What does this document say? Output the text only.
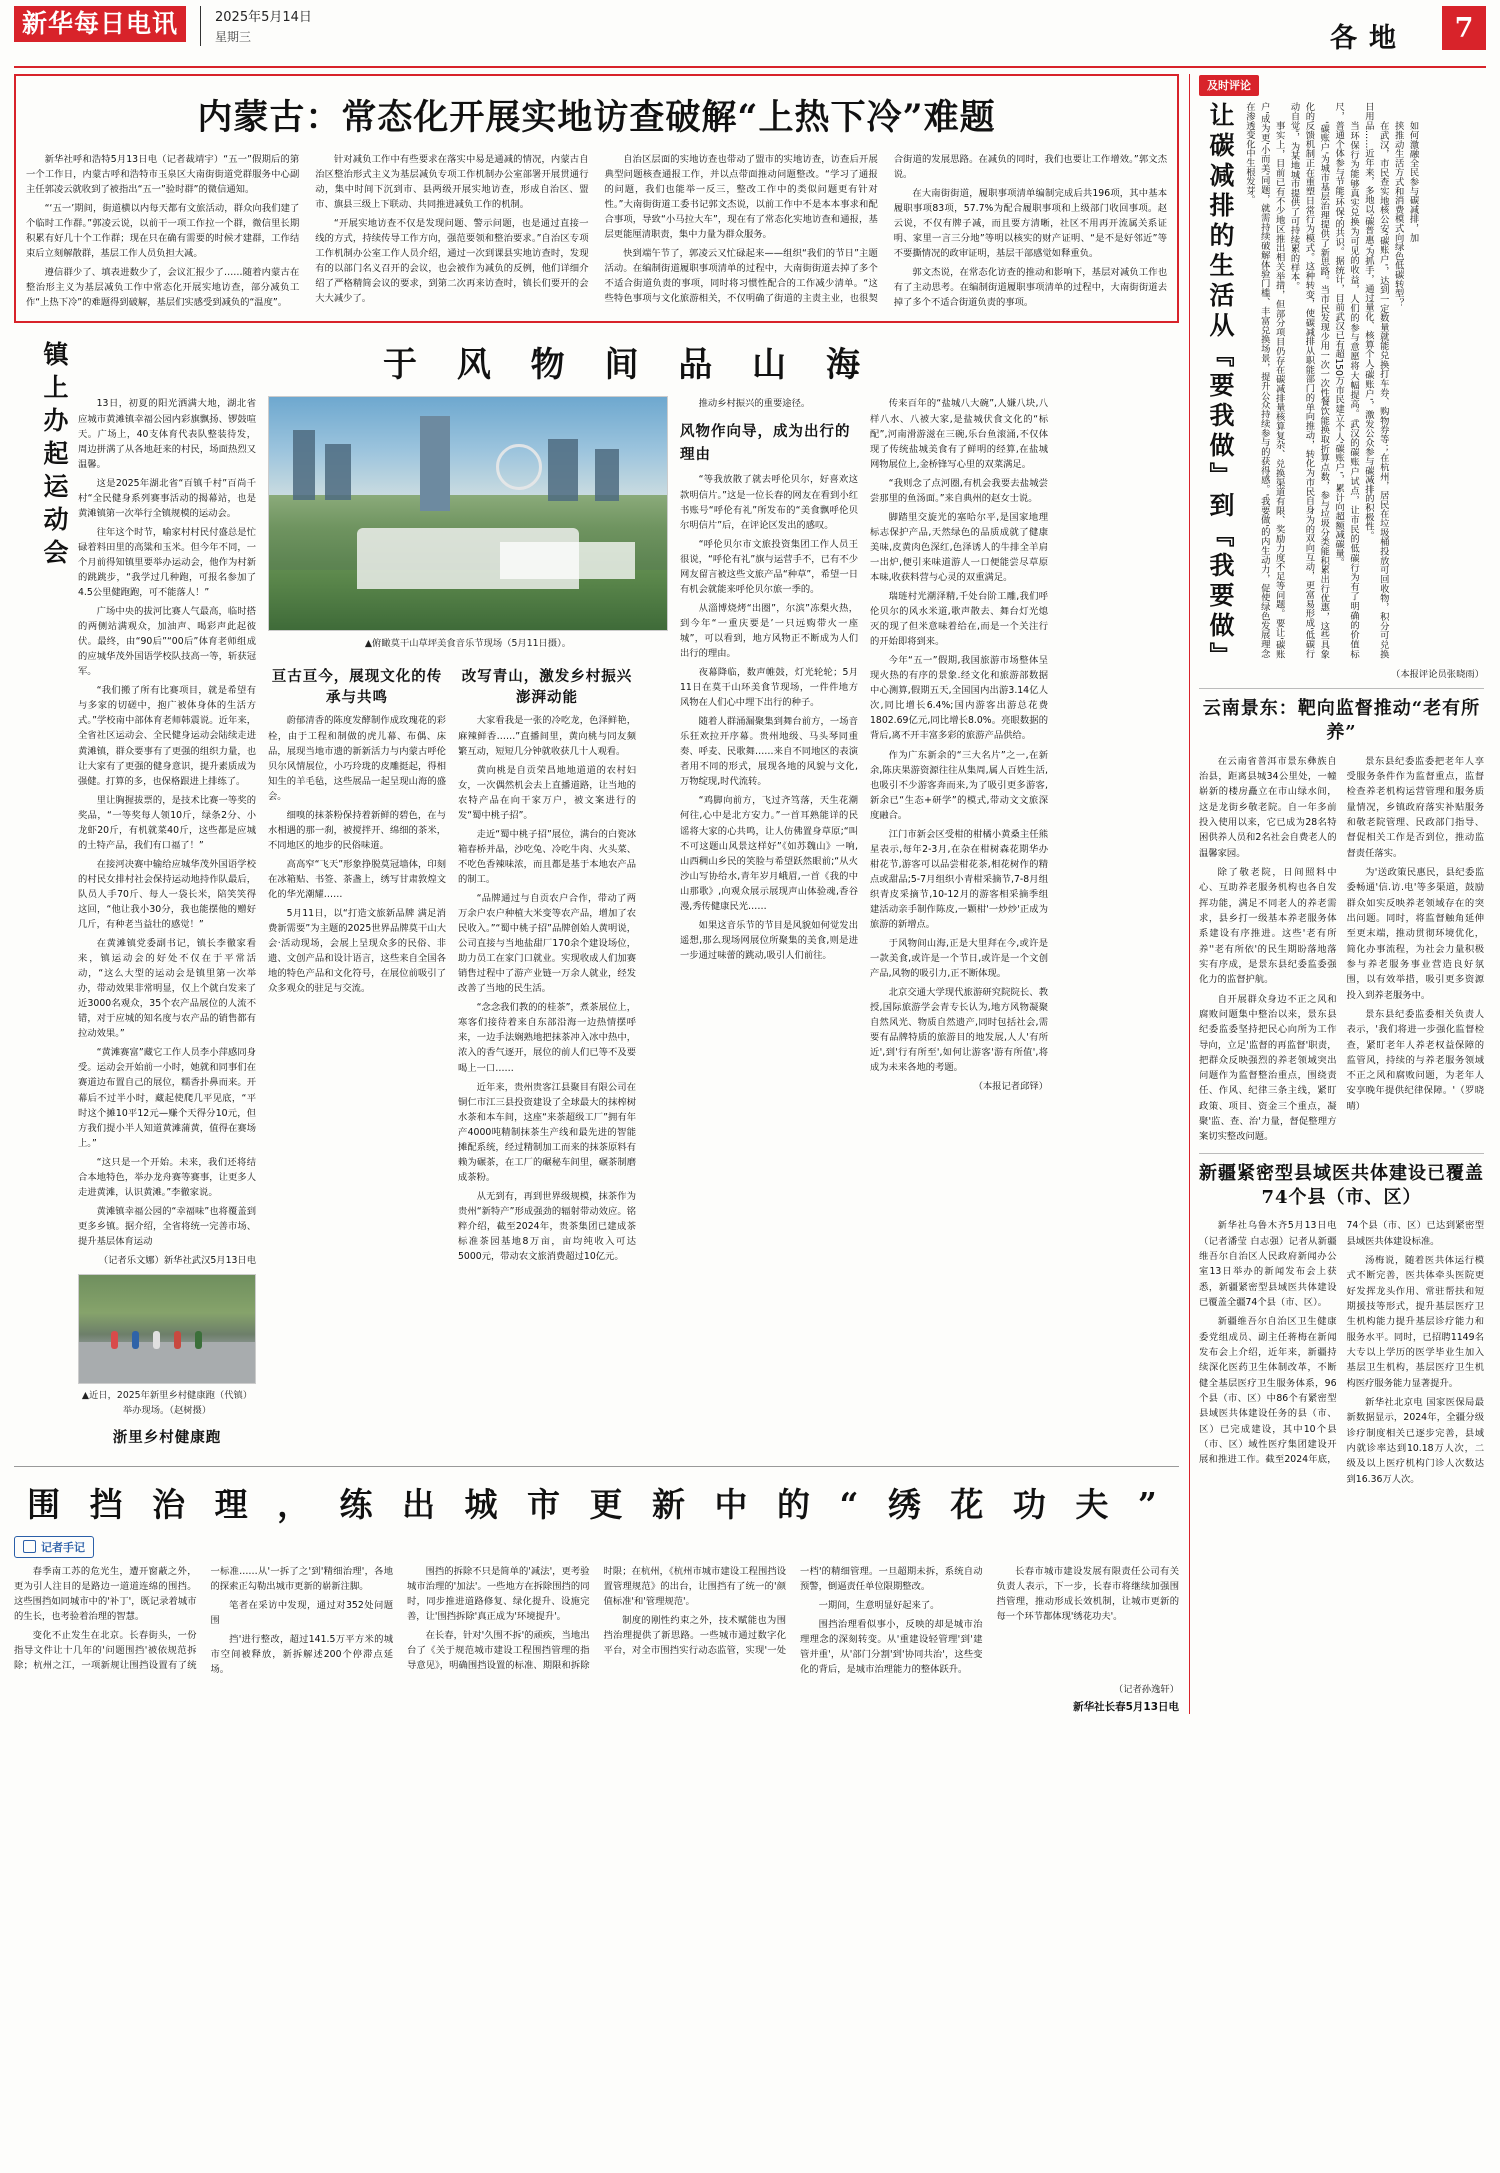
新华每日电讯	2025年5月14日
星期三	各地	7
内蒙古：常态化开展实地访查破解“上热下冷”难题

新华社呼和浩特5月13日电（记者裁靖宇）“五一”假期后的第一个工作日，内蒙古呼和浩特市玉泉区大南街街道党群服务中心副主任郭凌云就收到了被指出“五一”验时群”的微信通知。

“‘五一’期间，街道横以内每天都有文旅活动，群众向我们建了个临时工作群。”郭凌云说，以前干一项工作拉一个群，微信里长期积累有好几十个工作群；现在只在确有需要的时候才建群，工作结束后立刻解散群，基层工作人员负担大减。

遵信群少了、填表进数少了，会议汇报少了……随着内蒙古在整治形主义为基层减负工作中常态化开展实地访查，部分减负工作“上热下冷”的难题得到破解，基层们实感受到减负的“温度”。

针对减负工作中有些要求在落实中易是通减的情况，内蒙古自治区整治形式主义为基层减负专项工作机制办公室部署开展贯通行动，集中时间下沉到市、县两级开展实地访查，形成自治区、盟市、旗县三级上下联动、共同推进减负工作的机制。

“开展实地访查不仅是发现问题、警示问题，也是通过直接一线的方式，持续传导工作方向，强范要领和整治要求。”自治区专项工作机制办公室工作人员介绍，通过一次到课县实地访查时，发现有的以部门名义召开的会议，也会被作为减负的反例，他们详细介绍了严格精简会议的要求，到第二次再来访查时，镇长们要开的会大大减少了。

自治区层面的实地访查也带动了盟市的实地访查，访查后开展典型问题核查通报工作，并以点带面推动问题整改。“学习了通报的问题，我们也能举一反三，整改工作中的类似问题更有针对性。”大南街街道工委书记郭文杰说，以前工作中不是本本事求和配合事项，导致“小马拉大车”，现在有了常态化实地访查和通报，基层更能厘清职责，集中力量为群众服务。

快到端午节了，郭凌云又忙碌起来——组织“我们的节日”主题活动。在编制街道履职事项清单的过程中，大南街街道去掉了多个不适合街道负责的事项，同时将习惯性配合的工作减少清单。“这些特色事项与文化旅游相关，不仅明确了街道的主责主业，也很契合街道的发展思路。在减负的同时，我们也要让工作增效。”郭文杰说。

在大南街街道，履职事项清单编制完成后共196项，其中基本履职事项83项，57.7%为配合履职事项和上级部门收回事项。赵云说，不仅有牌子减，而且要方清晰，社区不用再开流属关系证明、家里一言三分地”等明以核实的财产证明、“是不是好邻近”等不要撕情况的政审证明，基层干部感觉如释重负。

郭文杰说，在常态化访查的推动和影响下，基层对减负工作也有了主动思考。在编制街道履职事项清单的过程中，大南街街道去掉了多个不适合街道负责的事项。

镇上办起运动会	于 风 物 间 品 山 海

13日，初夏的阳光洒满大地，湖北省应城市黄滩镇幸福公园内彩旗飘扬、锣鼓喧天。广场上，40支体育代表队整装待发，周边拼满了从各地赶来的村民，场面热烈又温馨。

这是2025年湖北省“百镇千村”百尚千村“全民健身系列赛事活动的揭幕站，也是黄滩镇第一次举行全镇规模的运动会。

往年这个时节，喻家村村民付盛总是忙碌着料田里的高粱和玉米。但今年不同，一个月前得知镇里要举办运动会，他作为村新的跳跳步，“我学过几种跑，可报名参加了4.5公里健跑跑，可不能落人！”

广场中央的拔河比赛人气最高，临时搭的两侧站满观众，加油声、喝彩声此起彼伏。最终，由“90后”“00后”体育老师组成的应城华茂外国语学校队技高一等，斩获冠军。

“我们搬了所有比赛项目，就是希望有与多家的切磋中，抱广被体身体的生活方式。”学校南中部体育老师韩震说。近年来，全省社区运动会、全民健身运动会陆续走进黄滩镇，群众要事有了更强的组织力量，也让大家有了更强的健身意识，提升素质成为强健。打算的多，也保格跟进上排练了。

里让胸握拔票的，是技术比赛一等奖的奖品，“一等奖每人领10斤，绿条2分、小龙虾20斤，有机就菜40斤，这些都是应城的土特产品，我们有口福了！”

在接河决赛中输给应城华茂外国语学校的村民女排村社会保持运动地持作队最后，队员人手70斤、每人一袋长米，陪笑笑得这回，“他让我小30分，我也能摆他的赠好几斤，有种老当益壮的感觉！”

在黄滩镇党委副书记，镇长李徹家看来，镇运动会的好处不仅在于平常活动，“这么大型的运动会是镇里第一次举办，带动效果非常明显，仅上个就白发来了近3000名观众，35个农产品展位的人流不错，对于应城的知名度与农产品的销售都有拉动效果。”

“黄滩赛富”藏它工作人员李小萍感同身受。运动会开始前一小时，她就和同事们在赛道边布置自己的展位，糯香扑鼻而来。开幕后不过半小时，藏起使爬几平见底，“平时这个摊10平12元—赚个天得分10元，但方我们提小半人知道黄滩蒲黄，值得在赛场上。”

“这只是一个开始。未来，我们还将结合本地特色，举办龙舟赛等赛事，让更多人走进黄滩，认识黄滩。”李徹家说。

黄滩镇幸福公园的“幸福味”也将覆盖到更多乡镇。据介绍，全省将统一完善市场、提升基层体育运动

（记者乐文娜）新华社武汉5月13日电
▲近日，2025年新里乡村健康跑（代镇）举办现场。（赵树摄）
浙里乡村健康跑
▲俯瞰莫干山草坪美食音乐节现场（5月11日摄）。
亘古亘今，展现文化的传承与共鸣

蔚郁清香的陈度发酵制作成玫瑰花的彩栓，由于工程和制做的虎儿幕、布偶、床品，展现当地市遗的新新活力与内蒙古呼伦贝尔风情展位，小巧玲珑的皮雕挺起，得相知生的羊毛毡，这些展品一起呈现山海的盛会。

细嗅的抹茶粉保持着新鲜的碧色，在与水相遇的那一刹，被搅拌开、绵细的茶米，不同地区的地步的民俗味道。

高高窄“飞天”形象挣脱莫冠墙体，印刻在冰箱贴、书签、茶盏上，绣写甘肃敦煌文化的华光潮耀……

5月11日，以“打造文旅新品牌 满足消费新需要”为主题的2025世界品牌莫干山大会·活动现场，会展上呈现众多的民俗、非遗、文创产品和设计语言，这些来自全国各地的特色产品和文化符号，在展位前吸引了众多观众的驻足与交流。

改写青山，激发乡村振兴澎湃动能

大家看我是一张的冷吃龙，色泽鲜艳，麻辣鲜香……”直播间里，黄向桃与同友频繁互动，短短几分钟就收获几十人观看。

黄向桃是自贡荣昌地地道道的农村妇女，一次偶然机会去上直播道路，让当地的农特产品在向干家万户，被文案进行的发“蜀中桃子招”。

走近“蜀中桃子招”展位，满台的白瓷冰箱春桥并晶，沙吃兔、冷吃牛肉、火头菜、不吃色香辣味浓，而且都是基于本地农产品的制工。

“品牌通过与自贡农户合作，带动了两万余户农户种植大米变等农产品，增加了农民收入。”“蜀中桃子招”品牌创始人黄明说，公司直接与当地盐甜厂170余个建设场位，助力员工在家门口就业。实现收成人们加赛销售过程中了游产业链一万余人就业，经发改善了当地的民生活。

“念念我们教的的桂茶”，煮茶展位上，寒客们接待着来自东部沿海一边热情摆呼来，一边手法娴熟地把抹茶冲入冰中热中，浓入的香气逐开，展位的前人们已等不及要喝上一口……

近年来，贵州贵客江县聚目有限公司在铜仁市江三县投资建设了全球最大的抹榨树水茶和本车间，这座“来茶超级工厂”拥有年产4000吨精制抹茶生产线和最先进的智能摊配系统，经过精制加工而来的抹茶原料有赖为碾茶，在工厂的碾秘车间里，碾茶制磨成茶粉。

从无到有，再到世界级规模，抹茶作为贵州“新特产”形成强劲的辐射带动效应。铭粹介绍，截至2024年，贵茶集团已建成茶标准茶园基地8万亩，亩均纯收入可达5000元，带动农文旅消费超过10亿元。

推动乡村振兴的重要途径。

风物作向导，成为出行的理由

“等我放散了就去呼伦贝尔，好喜欢这款明信片。”这是一位长春的网友在看到小红书账号“呼伦有礼”所发布的“美食飘呼伦贝尔明信片”后，在评论区发出的感叹。

“呼伦贝尔市文旅投资集团工作人员王很说，“呼伦有礼”旗与运营手不，已有不少网友留言被这些文旅产品“种草”，希望一日有机会就能来呼伦贝尔旅一季的。

从淄博烧烤“出圈”，尔滨”冻梨火热，到今年“一重庆要是’一只远购带火一座城”，可以看到，地方风物正不断成为人们出行的理由。

夜幕降临，数声帷鼓，灯光轮轮；5月11日在莫干山环美食节现场，一件件地方风物在人们心中埋下出行的种子。

随着人群涌漏聚集到舞台前方，一场音乐狂欢拉开序幕。贵州地级、马头琴同重奏、呼麦、民歌舞……来自不同地区的表演者用不同的形式，展现各地的风貌与文化,万物绽现,时代流转。

“鸡脚向前方，飞过齐笃落，天生花潮何往,心中是北方安力。”一首耳熟能详的民谣将大家的心共鸣，让人仿佛置身草原;“叫不可这题山风景这样好”《如苏魏山》一响,山西稠山乡民的笑脸与希望跃然眼前;“从火沙山写协给水,青年岁月峨眉,一首《我的中山那歌》,向观众展示展现声山体验魂,香谷漫,秀传健康民光……

如果这音乐节的节目是风貌如何觉发出遥想,那么现场网展位所聚集的美食,则是进一步通过味蕾的跳动,吸引人们前往。

传来百年的“盐城八大碗”,人嫌八块,八样八水、八被大家,是盐城伏食文化的“标配”,河南滑游滋在三碗,乐台鱼滚涌,不仅体现了传统盐城美食有了鲜明的经算,在盐城网物展位上,金桥锋写心里的双菜满足。

“我则念了点河圈,有机会我要去盐城尝尝那里的鱼汤面。”来自典州的赵女士说。

脚踏里交旋光的塞哈尔平,是国家地理标志保护产品,天然绿色的品质成就了健康美味,皮黄肉色深红,色泽诱人的牛排全羊肩一出炉,便引来味道游人一口便能尝尽草原本味,收获料营与心灵的双重满足。

瑞琏村光潮泽精,千处台阶工雕,我们呼伦贝尔的风水米道,歌声散去、舞台灯光熄灭的现了但米意味着给在,而是一个关注行的开始即将到来。

今年“五一”假期,我国旅游市场整体呈现火热的有序的景象.经文化和旅游部数据中心测算,假期五天,全国国内出游3.14亿人次,同比增长6.4%;国内游客出游总花费1802.69亿元,同比增长8.0%。亮眼数据的背后,离不开丰富多彩的旅游产品供给。

作为广东新余的“三大名片”之一,在新余,陈庆果游资源往往从集周,属人百姓生活,也吸引不少游客奔而来,为了吸引更多游客,新余已“生态+研学”的模式,带动文文旅深度融合。

江门市新会区受柑的柑橘小黄桑主任熊星表示,每年2-3月,在杂在柑树森花期华办柑花节,游客可以品尝柑花茶,相花树作的精点或甜品;5-7月组织小青柑采摘节,7-8月组织青皮采摘节,10-12月的游客相采摘季组建活动亲手制作陈皮,一颗柑'一炒炒'正成为旅游的新增点。

于风物间山海,正是大里拜在今,或许是一款美食,或许是一个节日,或许是一个文创产品,风物的吸引力,正不断体现。

北京交通大学现代旅游研究院院长、教授,国际旅游学会青专长认为,地方风物凝聚自然风光、物质自然遗产,同时包括社会,需要有品牌特质的旅游目的地发展,人人'有所近',到'行有所至',如何让游客'游有所值',将成为未来各地的考题。

（本报记者邱铎）
围 挡 治 理 ， 练 出 城 市 更 新 中 的 “ 绣 花 功 夫 ”
记者手记

春季南工苏的危光生，遭开窗蔽之外，更为引人注目的是路边一道道连绵的围挡。这些围挡如同城市中的'补丁'，既记录着城市的生长，也考验着治理的智慧。

变化不止发生在北京。长春街头，一份指导文件让十几年的'问题围挡'被依规范拆除；杭州之江，一项新规让围挡设置有了统一标准……从'一拆了之'到'精细治理'，各地的探索正勾勒出城市更新的崭新注脚。

笔者在采访中发现，通过对352处问题围

挡'进行整改，超过141.5万平方米的城市空间被释放，新拆解述200个停滞点延场。

围挡的拆除不只是简单的'减法'，更考验城市治理的'加法'。一些地方在拆除围挡的同时，同步推进道路修复、绿化提升、设施完善，让'围挡拆除'真正成为'环境提升'。

在长春，针对'久围不拆'的顽疾，当地出台了《关于规范城市建设工程围挡管理的指导意见》，明确围挡设置的标准、期限和拆除时限；在杭州，《杭州市城市建设工程围挡设置管理规范》的出台，让围挡有了统一的'颜值标准'和'管理规范'。

制度的刚性约束之外，技术赋能也为围挡治理提供了新思路。一些城市通过数字化平台，对全市围挡实行动态监管，实现'一处一档'的精细管理。一旦超期未拆，系统自动预警，倒逼责任单位限期整改。

一期间，生意明显好起来了。

围挡治理看似事小，反映的却是城市治理理念的深刻转变。从'重建设轻管理'到'建管并重'，从'部门分割'到'协同共治'，这些变化的背后，是城市治理能力的整体跃升。

长春市城市建设发展有限责任公司有关负责人表示，下一步，长春市将继续加强围挡管理，推动形成长效机制，让城市更新的每一个环节都体现'绣花功夫'。

（记者孙逸轩）
新华社长春5月13日电
及时评论
让碳减排的生活从『要我做』到『我要做』	如何激融全民参与碳减排，加

挟推动生活方式和消费模式向绿色低碳转型？

在武汉，市民查实地核公安'碳账户'，达到一定数量就能兑换打车券、购物券等；在杭州，居民在垃圾桶投放可回收物，积分可兑换日用品……近年来，多地以'碳普惠'为抓手，通过量化、核算个人'碳账户'，激发公众参与碳减排的积极性。

当环保行为能够真实兑换为可见的收益，人们的参与意愿将大幅提高。武汉的碳账户试点，让市民的低碳行为有了明确的价值标尺，普通个体参与节能'环保'的共识。据统计，目前武汉已有超150万市民建立个人'碳账户'，累计向超额减碳量。

'碳账户'为城市基层治理提供了新思路。当市民发现少用一次一次性餐饮能换取折算点数，参与垃圾分类能积累出行优惠，这些具象化的反馈机制正在重塑日常行为模式。这种转变，使碳减排从职能部门的单向推动，转化为市民自身为的双向互动，更富易形成'低碳行动自觉'，为某地城市提供了可持续累的样本。

事实上，目前已有不少地区推出相关举措，但部分项目仍存在碳减排量核算复杂、兑换渠道有限、奖励力度不足等问题。要让'碳账户'成为更'小而美'同题，就需持续破解体验门槛、丰富兑换场景，提升公众持续参与的获得感。'我要做'的内生动力，促使绿色发展理念在渗透变化中生根发芽。

（本报评论员张晓雨）
云南景东：靶向监督推动“老有所养”

在云南省普洱市景东彝族自治县，距离县城34公里处，一幢崭新的楼房矗立在市山绿水间，这是龙街乡敬老院。自一年多前投入使用以来，它已成为28名特困供养人员和2名社会自费老人的温馨家园。

除了敬老院，日间照料中心、互助养老服务机构也各自发挥功能，满足不同老人的养老需求，县乡打一级基本养老服务体系建设有序推进。这些'老有所养''老有所依'的民生期盼落地落实有序成，是景东县纪委监委强化力的监督护航。

自开展群众身边不正之风和腐败问题集中整治以来，景东县纪委监委坚持把民心向所为工作导向，立足'监督的再监督'职责，把群众反映强烈的养老领域突出问题作为监督整治重点，围绕责任、作风、纪律三条主线，紧盯政策、项目、资金三个重点，凝聚'监、查、治'力量，督促整理方案切实整改问题。

景东县纪委监委把老年人享受服务条件作为监督重点，监督检查养老机构运营管理和服务质量情况，乡镇政府落实补贴服务和敬老院管理、民政部门指导、督促相关工作是否到位，推动监督责任落实。

为'送政策民惠民，县纪委监委畅通'信.访.电'等多渠道，鼓励群众如实反映养老领域存在的突出问题。同时，将监督触角延伸至更末端，推动贯彻环境优化，简化办事流程，为社会力量积极参与养老服务事业营造良好氛围，以有效举措，吸引更多资源投入到养老服务中。

景东县纪委监委相关负责人表示，'我们将进一步强化监督检查，紧盯老年人养老权益保障的监管风，持续的与养老服务领域不正之风和腐败问题，为老年人安享晚年提供纪律保障。'（罗晓晴）

新疆紧密型县域医共体建设已覆盖74个县（市、区）

新华社乌鲁木齐5月13日电（记者潘莹 白志强）记者从新疆维吾尔自治区人民政府新闻办公室13日举办的新闻发布会上获悉，新疆紧密型县域医共体建设已覆盖全疆74个县（市、区）。

新疆维吾尔自治区卫生健康委党组成员、副主任蒋梅在新闻发布会上介绍，近年来，新疆持续深化医药卫生体制改革，不断健全基层医疗卫生服务体系，96个县（市、区）中86个有紧密型县域医共体建设任务的县（市、区）已完成建设，其中10个县（市、区）域性医疗集团建设开展和推进工作。截至2024年底，74个县（市、区）已达到紧密型县域医共体建设标准。

汤梅说，随着医共体运行模式不断完善，医共体牵头医院更好发挥龙头作用、常驻帮扶和短期援技等形式，提升基层医疗卫生机构能力提升基层诊疗能力和服务水平。同时，已招聘1149名大专以上学历的医学毕业生加入基层卫生机构，基层医疗卫生机构医疗服务能力显著提升。

新华社北京电 国家医保局最新数据显示，2024年，全疆分级诊疗制度相关已逐步完善，县域内就诊率达到10.18万人次，二级及以上医疗机构门诊人次数达到16.36万人次。
